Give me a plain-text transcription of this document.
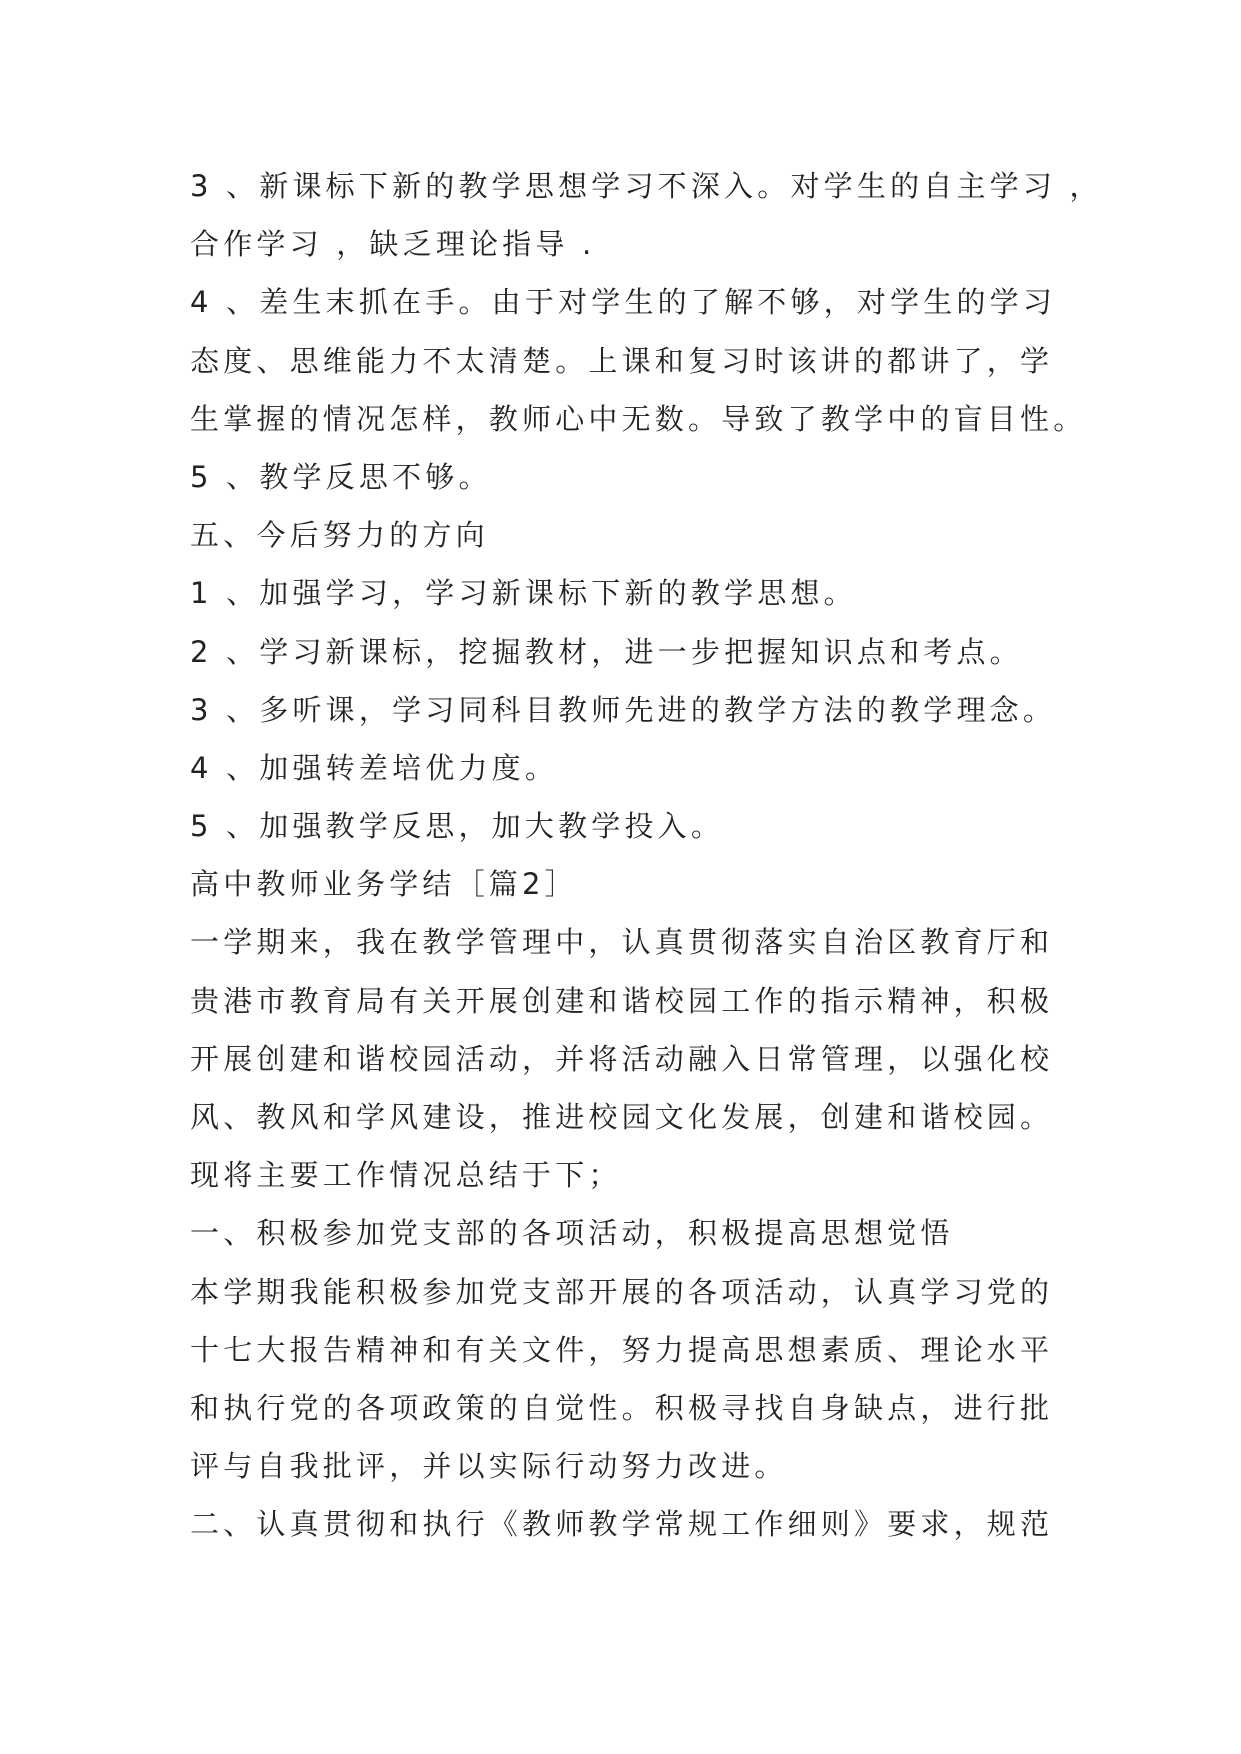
3 、新课标下新的教学思想学习不深入。对学生的自主学习 ，

合作学习 ，缺乏理论指导 .

4 、差生末抓在手。由于对学生的了解不够，对学生的学习

态度、思维能力不太清楚。上课和复习时该讲的都讲了，学

生掌握的情况怎样，教师心中无数。导致了教学中的盲目性。

5 、教学反思不够。

五、今后努力的方向

1 、加强学习，学习新课标下新的教学思想。

2 、学习新课标，挖掘教材，进一步把握知识点和考点。

3 、多听课，学习同科目教师先进的教学方法的教学理念。

4 、加强转差培优力度。

5 、加强教学反思，加大教学投入。

高中教师业务学结［篇2］

一学期来，我在教学管理中，认真贯彻落实自治区教育厅和

贵港市教育局有关开展创建和谐校园工作的指示精神，积极

开展创建和谐校园活动，并将活动融入日常管理，以强化校

风、教风和学风建设，推进校园文化发展，创建和谐校园。

现将主要工作情况总结于下；

一、积极参加党支部的各项活动，积极提高思想觉悟

本学期我能积极参加党支部开展的各项活动，认真学习党的

十七大报告精神和有关文件，努力提高思想素质、理论水平

和执行党的各项政策的自觉性。积极寻找自身缺点，进行批

评与自我批评，并以实际行动努力改进。

二、认真贯彻和执行《教师教学常规工作细则》要求，规范
